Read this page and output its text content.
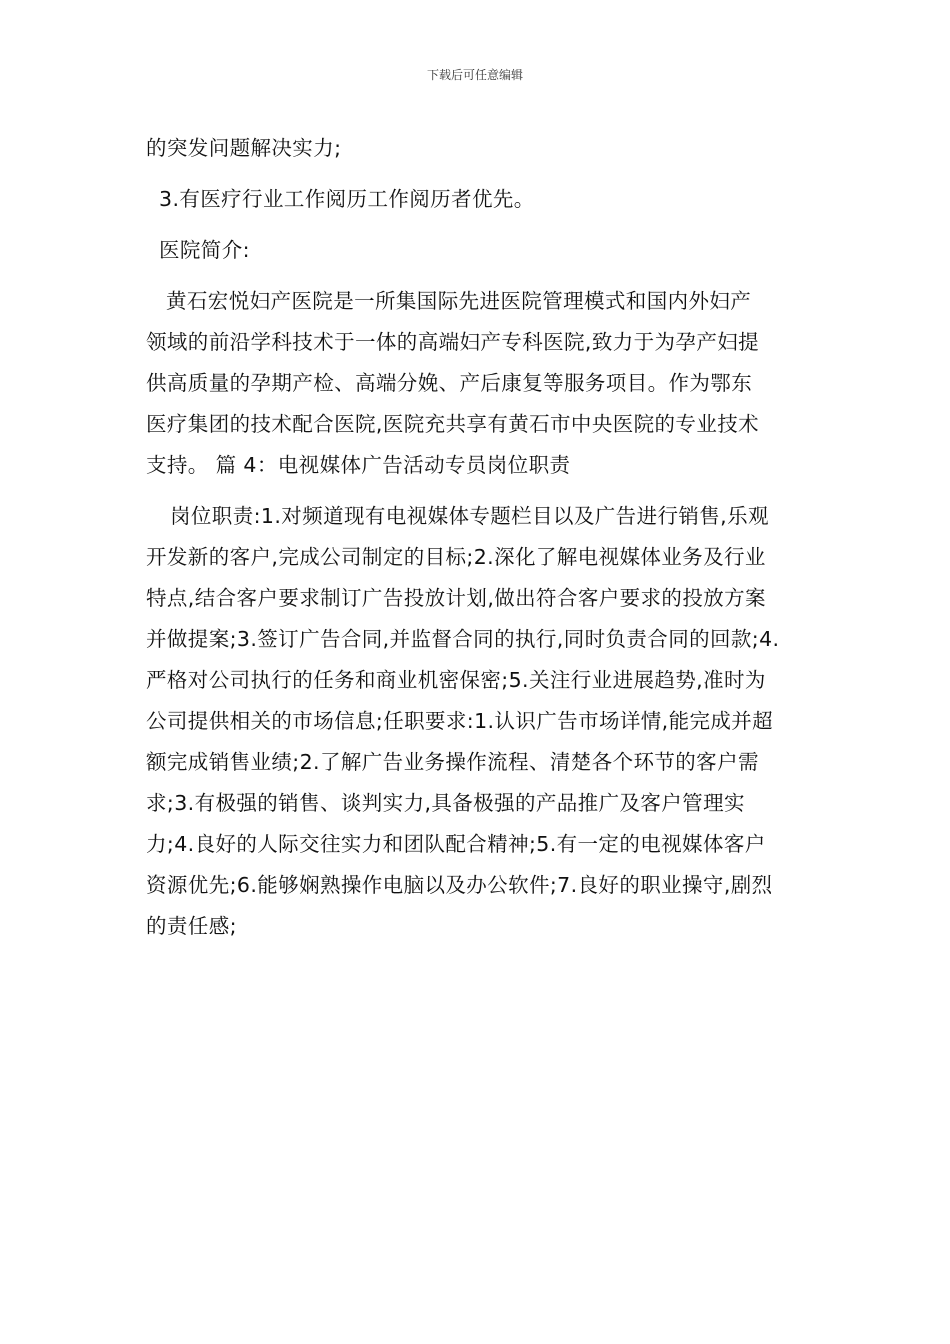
下载后可任意编辑

的突发问题解决实力;

3.有医疗行业工作阅历工作阅历者优先。

医院简介:

黄石宏悦妇产医院是一所集国际先进医院管理模式和国内外妇产

领域的前沿学科技术于一体的高端妇产专科医院,致力于为孕产妇提

供高质量的孕期产检、高端分娩、产后康复等服务项目。作为鄂东

医疗集团的技术配合医院,医院充共享有黄石市中央医院的专业技术

支持。 篇 4：电视媒体广告活动专员岗位职责

岗位职责:1.对频道现有电视媒体专题栏目以及广告进行销售,乐观

开发新的客户,完成公司制定的目标;2.深化了解电视媒体业务及行业

特点,结合客户要求制订广告投放计划,做出符合客户要求的投放方案

并做提案;3.签订广告合同,并监督合同的执行,同时负责合同的回款;4.

严格对公司执行的任务和商业机密保密;5.关注行业进展趋势,准时为

公司提供相关的市场信息;任职要求:1.认识广告市场详情,能完成并超

额完成销售业绩;2.了解广告业务操作流程、清楚各个环节的客户需

求;3.有极强的销售、谈判实力,具备极强的产品推广及客户管理实

力;4.良好的人际交往实力和团队配合精神;5.有一定的电视媒体客户

资源优先;6.能够娴熟操作电脑以及办公软件;7.良好的职业操守,剧烈

的责任感;
